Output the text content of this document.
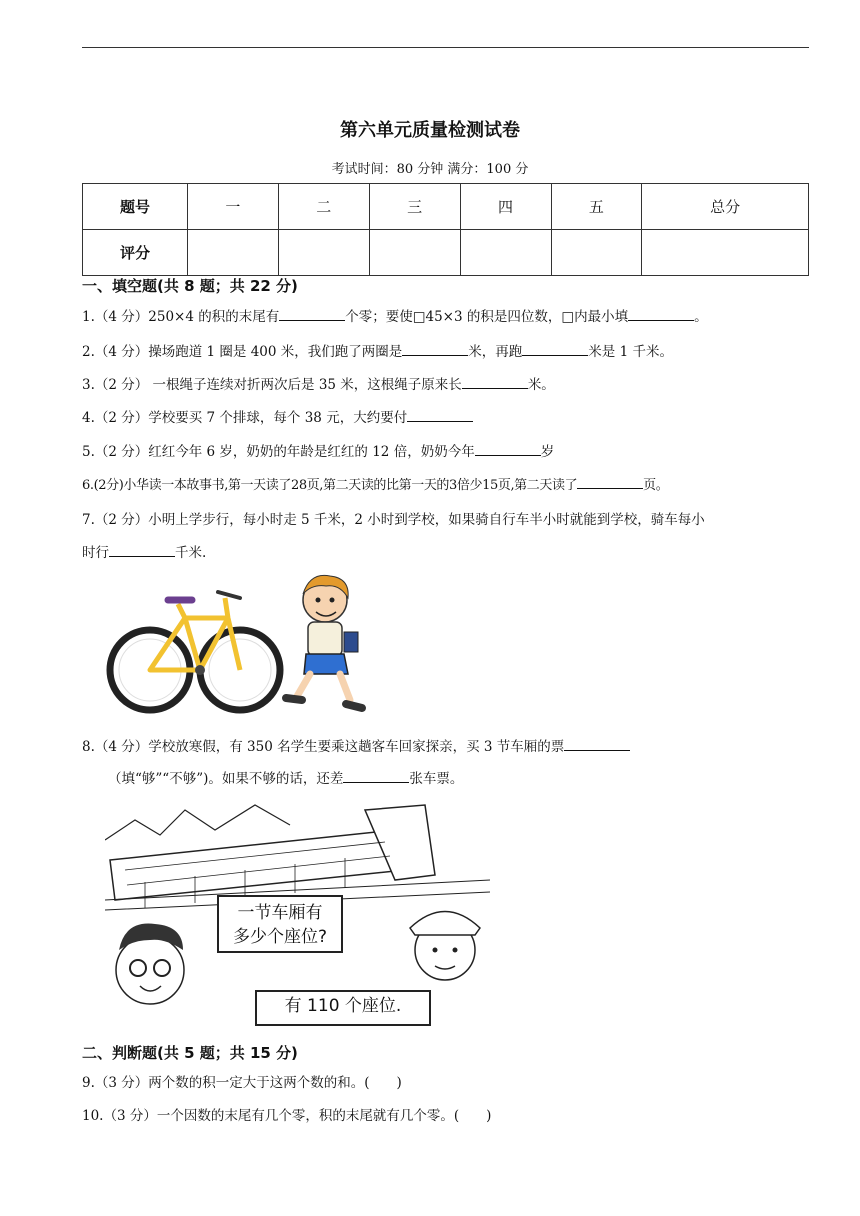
第六单元质量检测试卷
考试时间：80 分钟 满分：100 分
题号	一	二	三	四	五	总分
评分						
一、填空题(共 8 题；共 22 分)
1.（4 分）250×4 的积的末尾有	个零；要使□45×3 的积是四位数，□内最小填	。
2.（4 分）操场跑道 1 圈是 400 米，我们跑了两圈是	米，再跑	米是 1 千米。
3.（2 分） 一根绳子连续对折两次后是 35 米，这根绳子原来长	米。
4.（2 分）学校要买 7 个排球，每个 38 元，大约要付
5.（2 分）红红今年 6 岁，奶奶的年龄是红红的 12 倍，奶奶今年	岁
6.(2分)小华读一本故事书,第一天读了28页,第二天读的比第一天的3倍少15页,第二天读了	页。
7.（2 分）小明上学步行，每小时走 5 千米，2 小时到学校，如果骑自行车半小时就能到学校，骑车每小
时行	千米.
8.（4 分）学校放寒假，有 350 名学生要乘这趟客车回家探亲，买 3 节车厢的票
（填“够”“不够”)。如果不够的话，还差	张车票。
一节车厢有
多少个座位?
有 110 个座位.
二、判断题(共 5 题；共 15 分)
9.（3 分）两个数的积一定大于这两个数的和。(　　)
10.（3 分）一个因数的末尾有几个零，积的末尾就有几个零。(　　)
